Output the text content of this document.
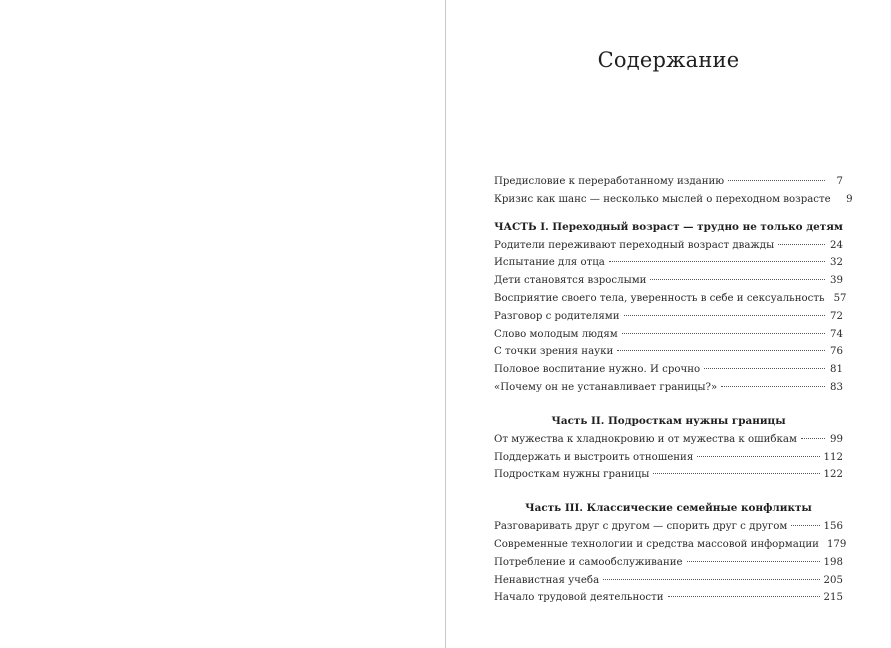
Содержание
Предисловие к переработанному изданию	7
Кризис как шанс — несколько мыслей о переходном возрасте	9
ЧАСТЬ I. Переходный возраст — трудно не только детям
Родители переживают переходный возраст дважды	24
Испытание для отца	32
Дети становятся взрослыми	39
Восприятие своего тела, уверенность в себе и сексуальность 57
Разговор с родителями	72
Слово молодым людям	74
С точки зрения науки	76
Половое воспитание нужно. И срочно	81
«Почему он не устанавливает границы?»	83
Часть II. Подросткам нужны границы
От мужества к хладнокровию и от мужества к ошибкам	99
Поддержать и выстроить отношения	112
Подросткам нужны границы	122
Часть III. Классические семейные конфликты
Разговаривать друг с другом — спорить друг с другом	156
Современные технологии и средства массовой информации 179
Потребление и самообслуживание	198
Ненавистная учеба	205
Начало трудовой деятельности	215
